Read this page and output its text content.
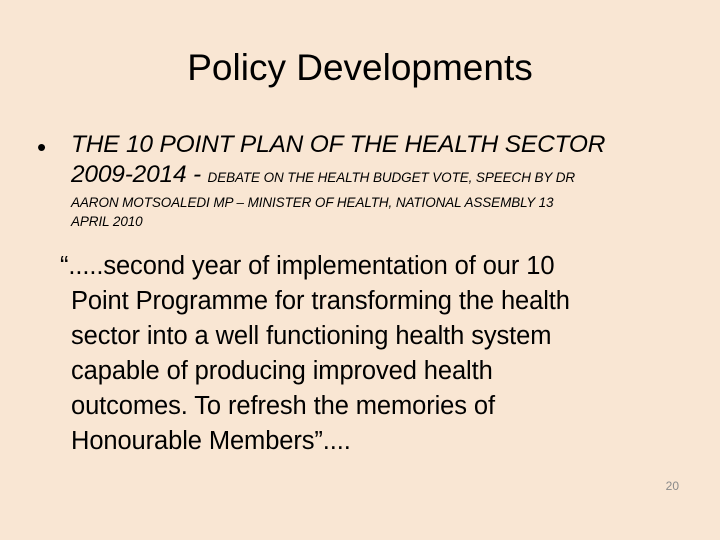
Policy Developments
• THE 10 POINT PLAN OF THE HEALTH SECTOR
2009-2014 - DEBATE ON THE HEALTH BUDGET VOTE, SPEECH BY DR
AARON MOTSOALEDI MP – MINISTER OF HEALTH, NATIONAL ASSEMBLY 13
APRIL 2010
“.....second year of implementation of our 10
Point Programme for transforming the health
sector into a well functioning health system
capable of producing improved health
outcomes. To refresh the memories of
Honourable Members”....
20
